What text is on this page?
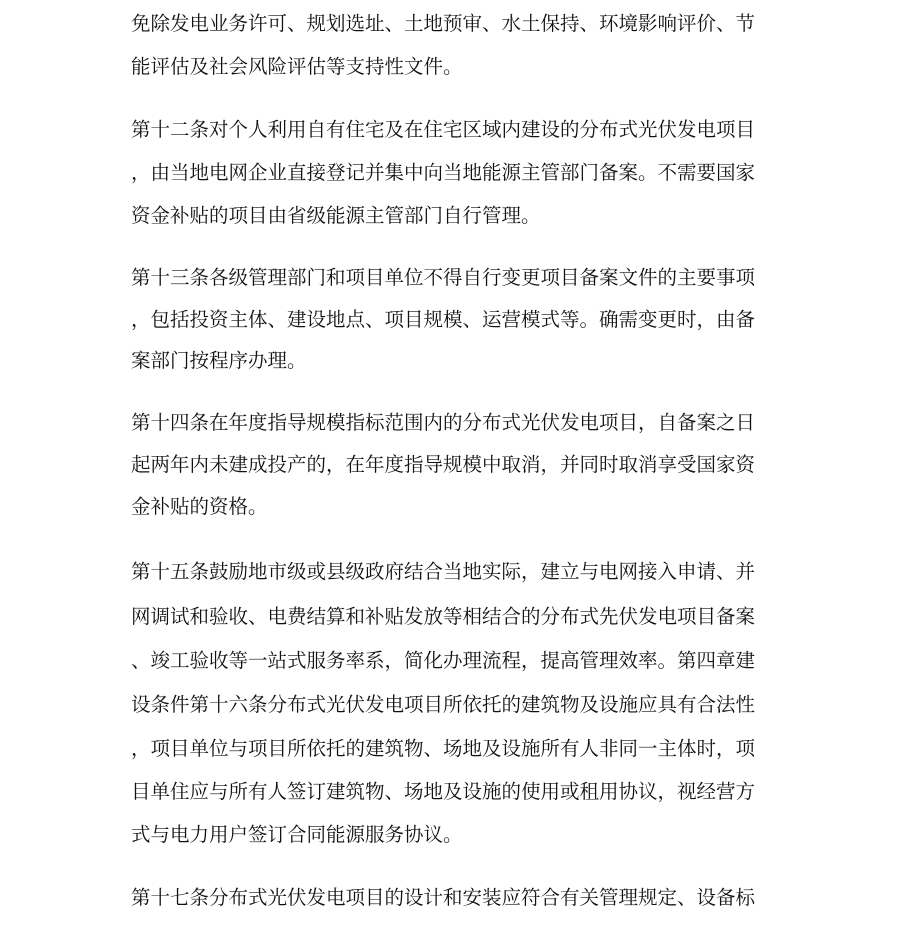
免除发电业务许可、规划选址、土地预审、水土保持、环境影响评价、节
能评估及社会风险评估等支持性文件。
第十二条对个人利用自有住宅及在住宅区域内建设的分布式光伏发电项目
，由当地电网企业直接登记并集中向当地能源主管部门备案。不需要国家
资金补贴的项目由省级能源主管部门自行管理。
第十三条各级管理部门和项目单位不得自行变更项目备案文件的主要事项
，包括投资主体、建设地点、项目规模、运营模式等。确需变更时，由备
案部门按程序办理。
第十四条在年度指导规模指标范围内的分布式光伏发电项目，自备案之日
起两年内未建成投产的，在年度指导规模中取消，并同时取消享受国家资
金补贴的资格。
第十五条鼓励地市级或县级政府结合当地实际，建立与电网接入申请、并
网调试和验收、电费结算和补贴发放等相结合的分布式先伏发电项目备案
、竣工验收等一站式服务率系，简化办理流程，提高管理效率。第四章建
设条件第十六条分布式光伏发电项目所依托的建筑物及设施应具有合法性
，项目单位与项目所依托的建筑物、场地及设施所有人非同一主体时，项
目单住应与所有人签订建筑物、场地及设施的使用或租用协议，视经营方
式与电力用户签订合同能源服务协议。
第十七条分布式光伏发电项目的设计和安装应符合有关管理规定、设备标
